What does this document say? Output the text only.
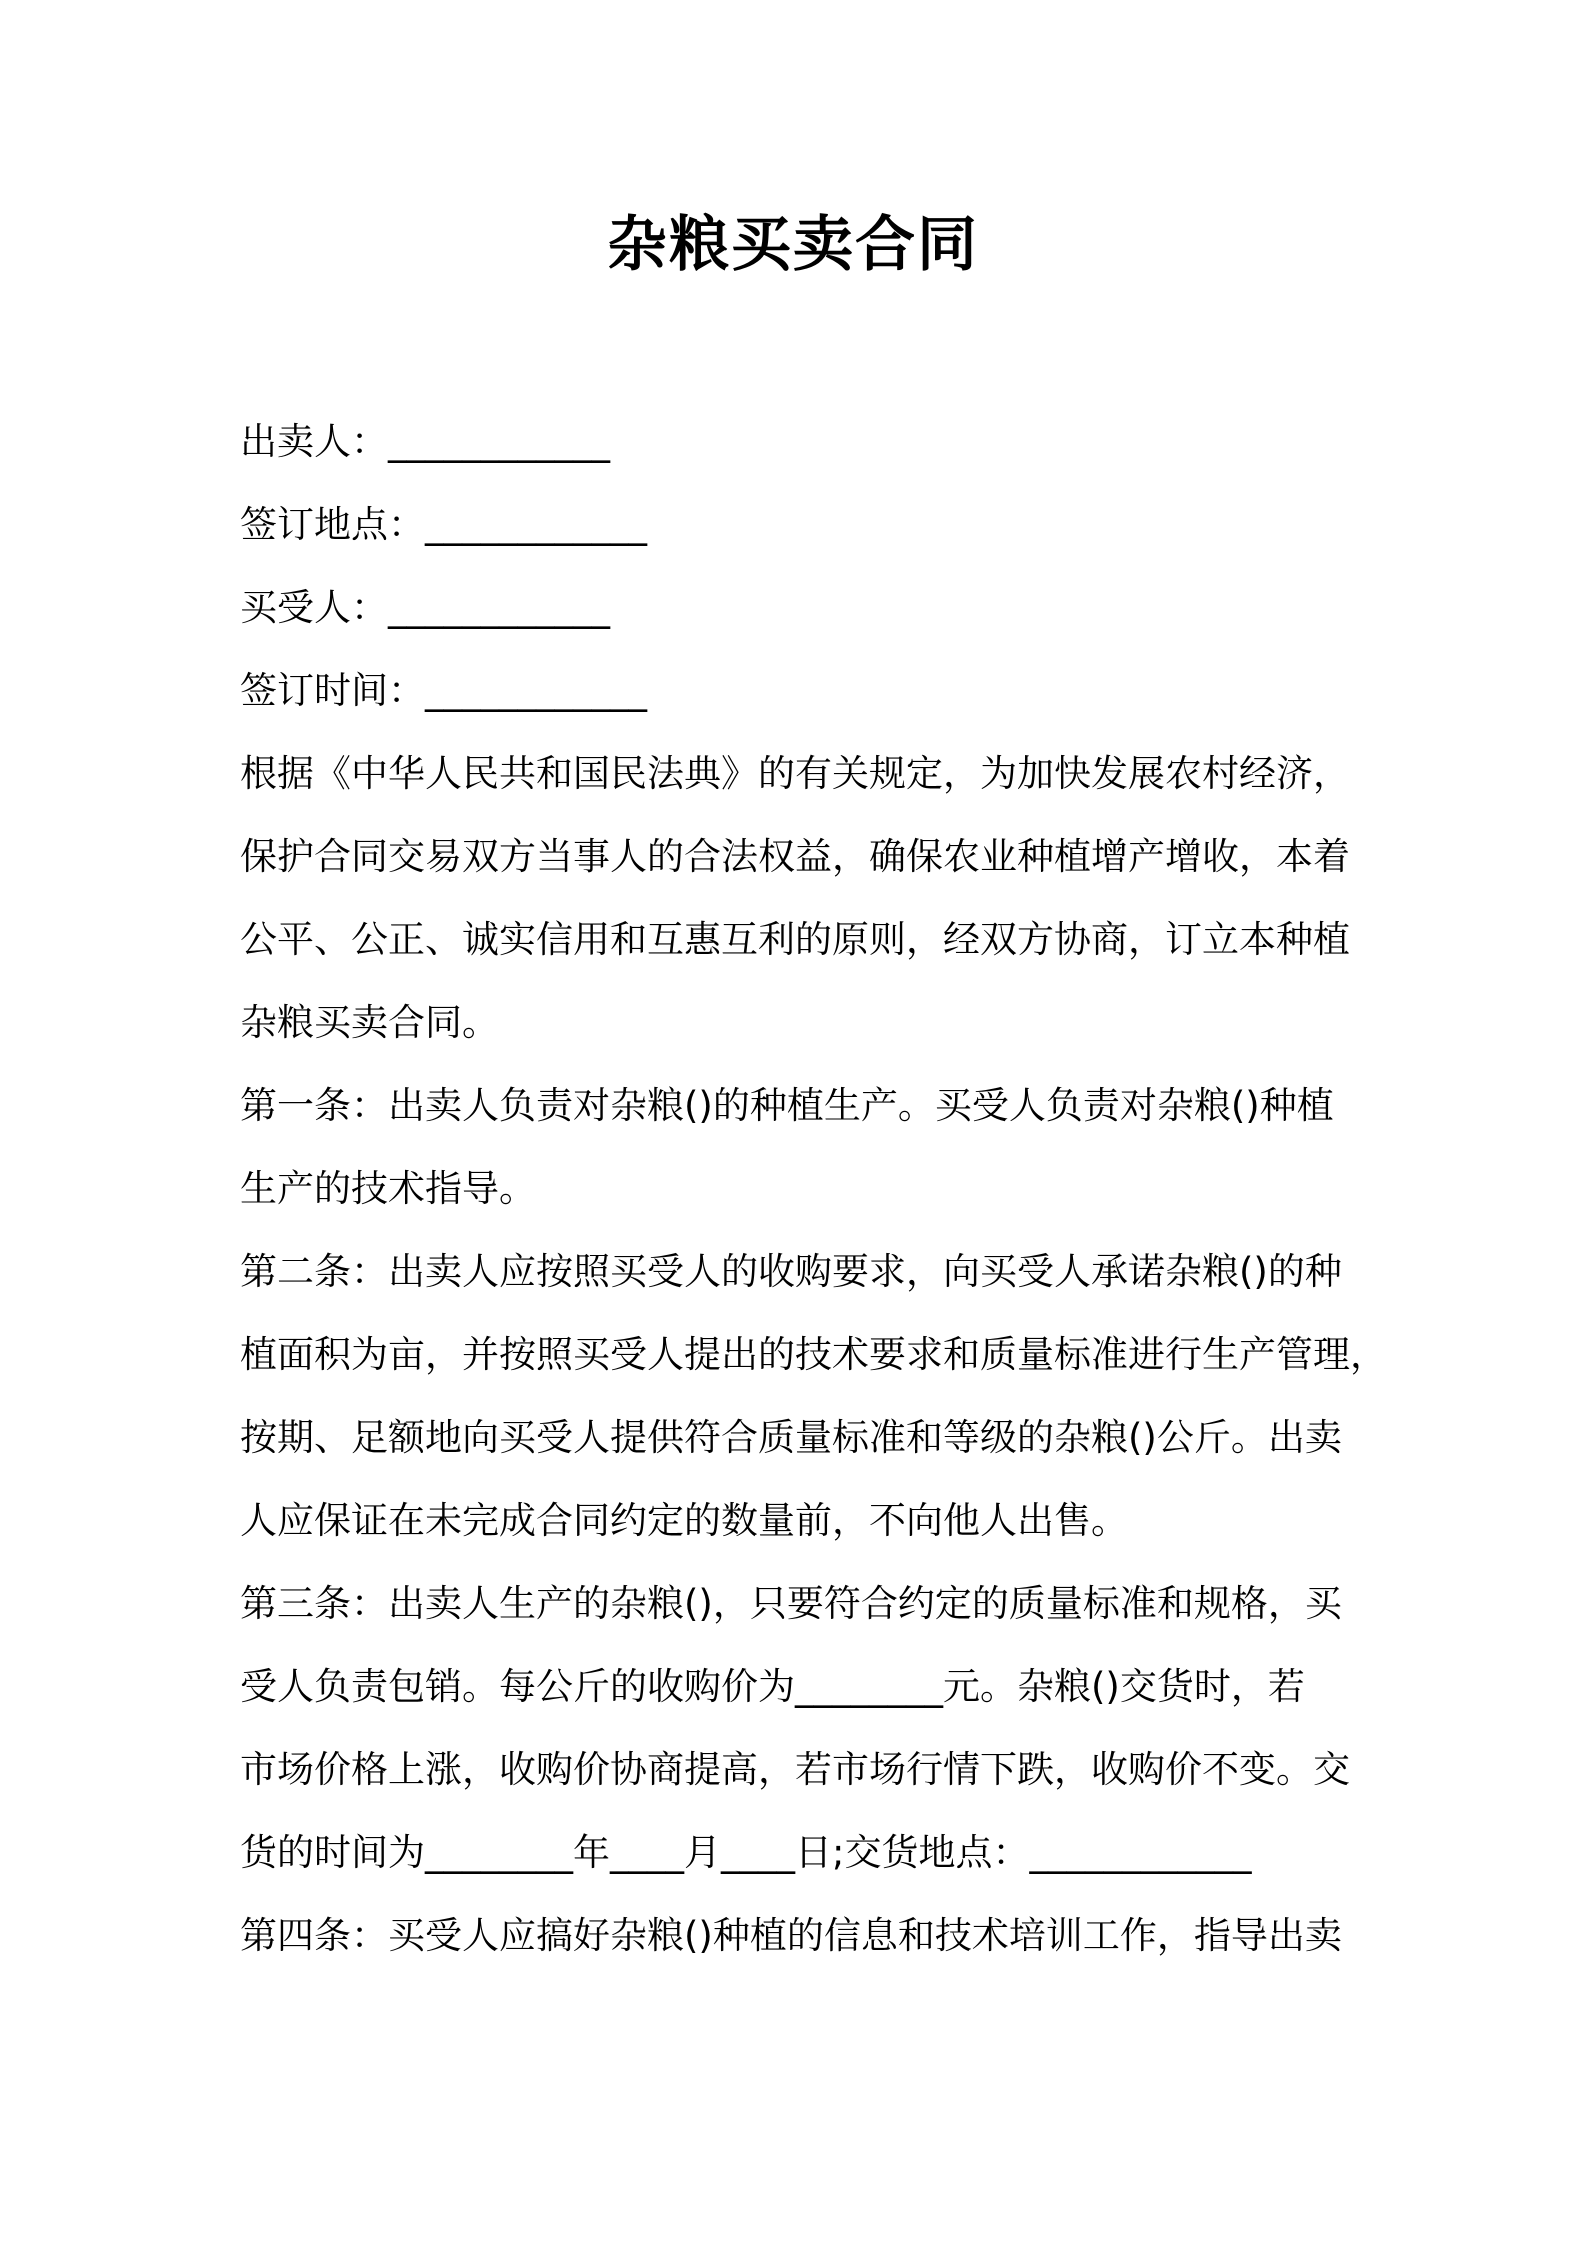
杂粮买卖合同
出卖人：____________
签订地点：____________
买受人：____________
签订时间：____________
根据《中华人民共和国民法典》的有关规定，为加快发展农村经济，
保护合同交易双方当事人的合法权益，确保农业种植增产增收，本着
公平、公正、诚实信用和互惠互利的原则，经双方协商，订立本种植
杂粮买卖合同。
第一条：出卖人负责对杂粮()的种植生产。买受人负责对杂粮()种植
生产的技术指导。
第二条：出卖人应按照买受人的收购要求，向买受人承诺杂粮()的种
植面积为亩，并按照买受人提出的技术要求和质量标准进行生产管理，
按期、足额地向买受人提供符合质量标准和等级的杂粮()公斤。出卖
人应保证在未完成合同约定的数量前，不向他人出售。
第三条：出卖人生产的杂粮()，只要符合约定的质量标准和规格，买
受人负责包销。每公斤的收购价为________元。杂粮()交货时，若
市场价格上涨，收购价协商提高，若市场行情下跌，收购价不变。交
货的时间为________年____月____日;交货地点：____________
第四条：买受人应搞好杂粮()种植的信息和技术培训工作，指导出卖
